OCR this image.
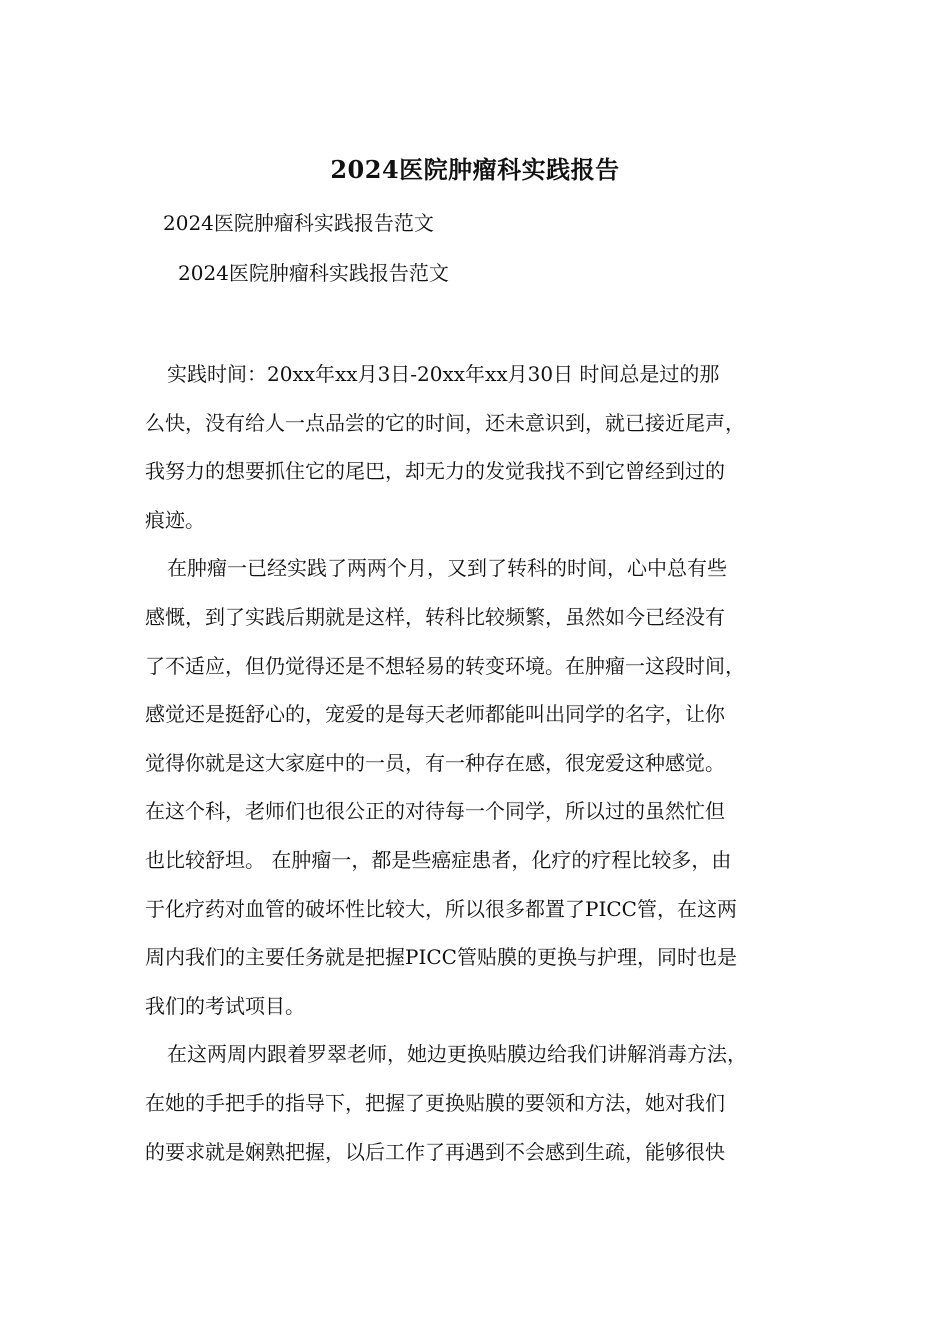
2024医院肿瘤科实践报告
2024医院肿瘤科实践报告范文
2024医院肿瘤科实践报告范文
实践时间：20xx年xx月3日-20xx年xx月30日 时间总是过的那
么快，没有给人一点品尝的它的时间，还未意识到，就已接近尾声，
我努力的想要抓住它的尾巴，却无力的发觉我找不到它曾经到过的
痕迹。
在肿瘤一已经实践了两两个月，又到了转科的时间，心中总有些
感慨，到了实践后期就是这样，转科比较频繁，虽然如今已经没有
了不适应，但仍觉得还是不想轻易的转变环境。在肿瘤一这段时间，
感觉还是挺舒心的，宠爱的是每天老师都能叫出同学的名字，让你
觉得你就是这大家庭中的一员，有一种存在感，很宠爱这种感觉。
在这个科，老师们也很公正的对待每一个同学，所以过的虽然忙但
也比较舒坦。 在肿瘤一，都是些癌症患者，化疗的疗程比较多，由
于化疗药对血管的破坏性比较大，所以很多都置了PICC管，在这两
周内我们的主要任务就是把握PICC管贴膜的更换与护理，同时也是
我们的考试项目。
在这两周内跟着罗翠老师，她边更换贴膜边给我们讲解消毒方法，
在她的手把手的指导下，把握了更换贴膜的要领和方法，她对我们
的要求就是娴熟把握，以后工作了再遇到不会感到生疏，能够很快
